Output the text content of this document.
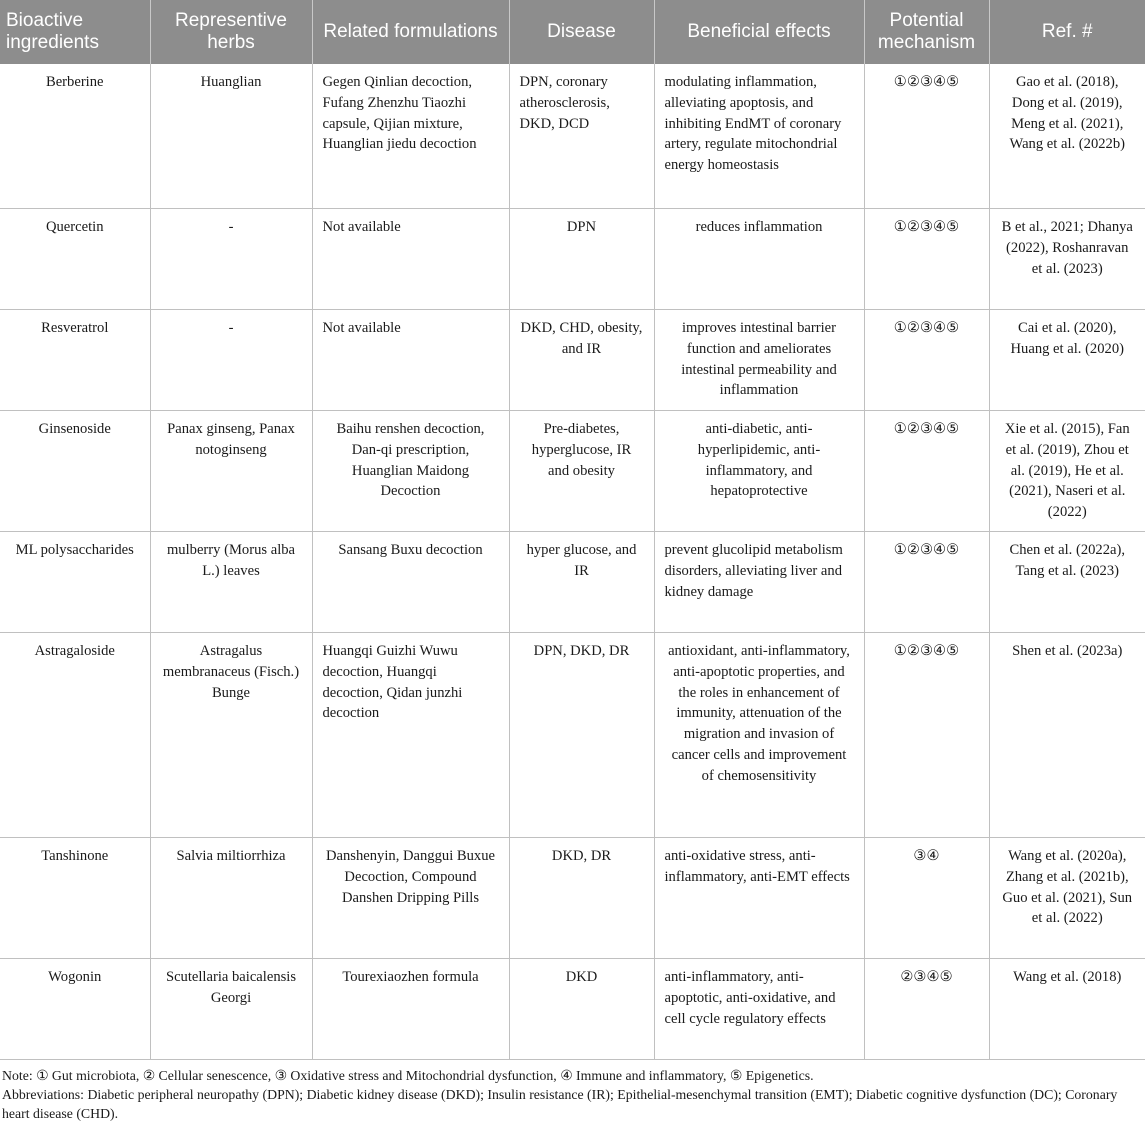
Bioactive ingredients	Representive herbs	Related formulations	Disease	Beneficial effects	Potential mechanism	Ref. #
Berberine	Huanglian	Gegen Qinlian decoction, Fufang Zhenzhu Tiaozhi capsule, Qijian mixture, Huanglian jiedu decoction	DPN, coronary atherosclerosis, DKD, DCD	modulating inflammation, alleviating apoptosis, and inhibiting EndMT of coronary artery, regulate mitochondrial energy homeostasis	①②③④⑤	Gao et al. (2018), Dong et al. (2019), Meng et al. (2021), Wang et al. (2022b)
Quercetin	-	Not available	DPN	reduces inflammation	①②③④⑤	B et al., 2021; Dhanya (2022), Roshanravan et al. (2023)
Resveratrol	-	Not available	DKD, CHD, obesity, and IR	improves intestinal barrier function and ameliorates intestinal permeability and inflammation	①②③④⑤	Cai et al. (2020), Huang et al. (2020)
Ginsenoside	Panax ginseng, Panax notoginseng	Baihu renshen decoction, Dan-qi prescription, Huanglian Maidong Decoction	Pre-diabetes, hyperglucose, IR and obesity	anti-diabetic, anti-hyperlipidemic, anti-inflammatory, and hepatoprotective	①②③④⑤	Xie et al. (2015), Fan et al. (2019), Zhou et al. (2019), He et al. (2021), Naseri et al. (2022)
ML polysaccharides	mulberry (Morus alba L.) leaves	Sansang Buxu decoction	hyper glucose, and IR	prevent glucolipid metabolism disorders, alleviating liver and kidney damage	①②③④⑤	Chen et al. (2022a), Tang et al. (2023)
Astragaloside	Astragalus membranaceus (Fisch.) Bunge	Huangqi Guizhi Wuwu decoction, Huangqi decoction, Qidan junzhi decoction	DPN, DKD, DR	antioxidant, anti-inflammatory, anti-apoptotic properties, and the roles in enhancement of immunity, attenuation of the migration and invasion of cancer cells and improvement of chemosensitivity	①②③④⑤	Shen et al. (2023a)
Tanshinone	Salvia miltiorrhiza	Danshenyin, Danggui Buxue Decoction, Compound Danshen Dripping Pills	DKD, DR	anti-oxidative stress, anti-inflammatory, anti-EMT effects	③④	Wang et al. (2020a), Zhang et al. (2021b), Guo et al. (2021), Sun et al. (2022)
Wogonin	Scutellaria baicalensis Georgi	Tourexiaozhen formula	DKD	anti-inflammatory, anti-apoptotic, anti-oxidative, and cell cycle regulatory effects	②③④⑤	Wang et al. (2018)
Note: ① Gut microbiota, ② Cellular senescence, ③ Oxidative stress and Mitochondrial dysfunction, ④ Immune and inflammatory, ⑤ Epigenetics.
Abbreviations: Diabetic peripheral neuropathy (DPN); Diabetic kidney disease (DKD); Insulin resistance (IR); Epithelial-mesenchymal transition (EMT); Diabetic cognitive dysfunction (DC); Coronary heart disease (CHD).
